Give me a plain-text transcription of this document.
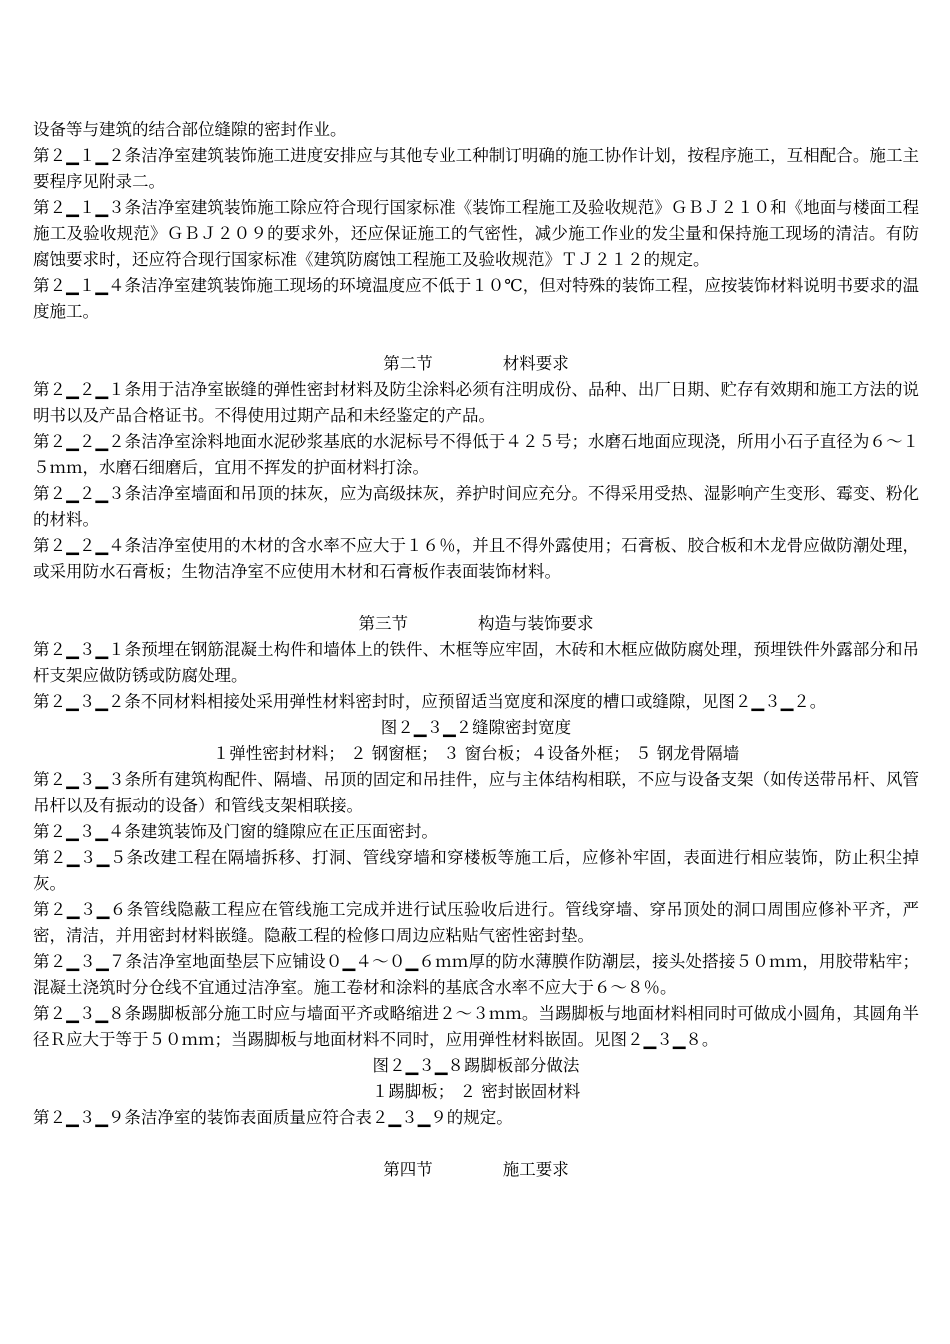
设备等与建筑的结合部位缝隙的密封作业。

第２▁１▁２条洁净室建筑装饰施工进度安排应与其他专业工种制订明确的施工协作计划，按程序施工，互相配合。施工主要程序见附录二。

第２▁１▁３条洁净室建筑装饰施工除应符合现行国家标准《装饰工程施工及验收规范》ＧＢＪ２１０和《地面与楼面工程施工及验收规范》ＧＢＪ２０９的要求外，还应保证施工的气密性，减少施工作业的发尘量和保持施工现场的清洁。有防腐蚀要求时，还应符合现行国家标准《建筑防腐蚀工程施工及验收规范》ＴＪ２１２的规定。

第２▁１▁４条洁净室建筑装饰施工现场的环境温度应不低于１０℃，但对特殊的装饰工程，应按装饰材料说明书要求的温度施工。

第二节	材料要求

第２▁２▁１条用于洁净室嵌缝的弹性密封材料及防尘涂料必须有注明成份、品种、出厂日期、贮存有效期和施工方法的说明书以及产品合格证书。不得使用过期产品和未经鉴定的产品。

第２▁２▁２条洁净室涂料地面水泥砂浆基底的水泥标号不得低于４２５号；水磨石地面应现浇，所用小石子直径为６～１５ｍｍ，水磨石细磨后，宜用不挥发的护面材料打涂。

第２▁２▁３条洁净室墙面和吊顶的抹灰，应为高级抹灰，养护时间应充分。不得采用受热、湿影响产生变形、霉变、粉化的材料。

第２▁２▁４条洁净室使用的木材的含水率不应大于１６％，并且不得外露使用；石膏板、胶合板和木龙骨应做防潮处理，或采用防水石膏板；生物洁净室不应使用木材和石膏板作表面装饰材料。

第三节	构造与装饰要求

第２▁３▁１条预埋在钢筋混凝土构件和墙体上的铁件、木框等应牢固，木砖和木框应做防腐处理，预埋铁件外露部分和吊杆支架应做防锈或防腐处理。

第２▁３▁２条不同材料相接处采用弹性材料密封时，应预留适当宽度和深度的槽口或缝隙，见图２▁３▁２。

图２▁３▁２缝隙密封宽度

１弹性密封材料； ２ 钢窗框； ３ 窗台板；４设备外框； ５ 钢龙骨隔墙

第２▁３▁３条所有建筑构配件、隔墙、吊顶的固定和吊挂件，应与主体结构相联，不应与设备支架（如传送带吊杆、风管吊杆以及有振动的设备）和管线支架相联接。

第２▁３▁４条建筑装饰及门窗的缝隙应在正压面密封。

第２▁３▁５条改建工程在隔墙拆移、打洞、管线穿墙和穿楼板等施工后，应修补牢固，表面进行相应装饰，防止积尘掉灰。

第２▁３▁６条管线隐蔽工程应在管线施工完成并进行试压验收后进行。管线穿墙、穿吊顶处的洞口周围应修补平齐，严密，清洁，并用密封材料嵌缝。隐蔽工程的检修口周边应粘贴气密性密封垫。

第２▁３▁７条洁净室地面垫层下应铺设０▁４～０▁６ｍｍ厚的防水薄膜作防潮层，接头处搭接５０ｍｍ，用胶带粘牢；混凝土浇筑时分仓线不宜通过洁净室。施工卷材和涂料的基底含水率不应大于６～８％。

第２▁３▁８条踢脚板部分施工时应与墙面平齐或略缩进２～３ｍｍ。当踢脚板与地面材料相同时可做成小圆角，其圆角半径Ｒ应大于等于５０ｍｍ；当踢脚板与地面材料不同时，应用弹性材料嵌固。见图２▁３▁８。

图２▁３▁８踢脚板部分做法

１踢脚板； ２ 密封嵌固材料

第２▁３▁９条洁净室的装饰表面质量应符合表２▁３▁９的规定。

第四节	施工要求
